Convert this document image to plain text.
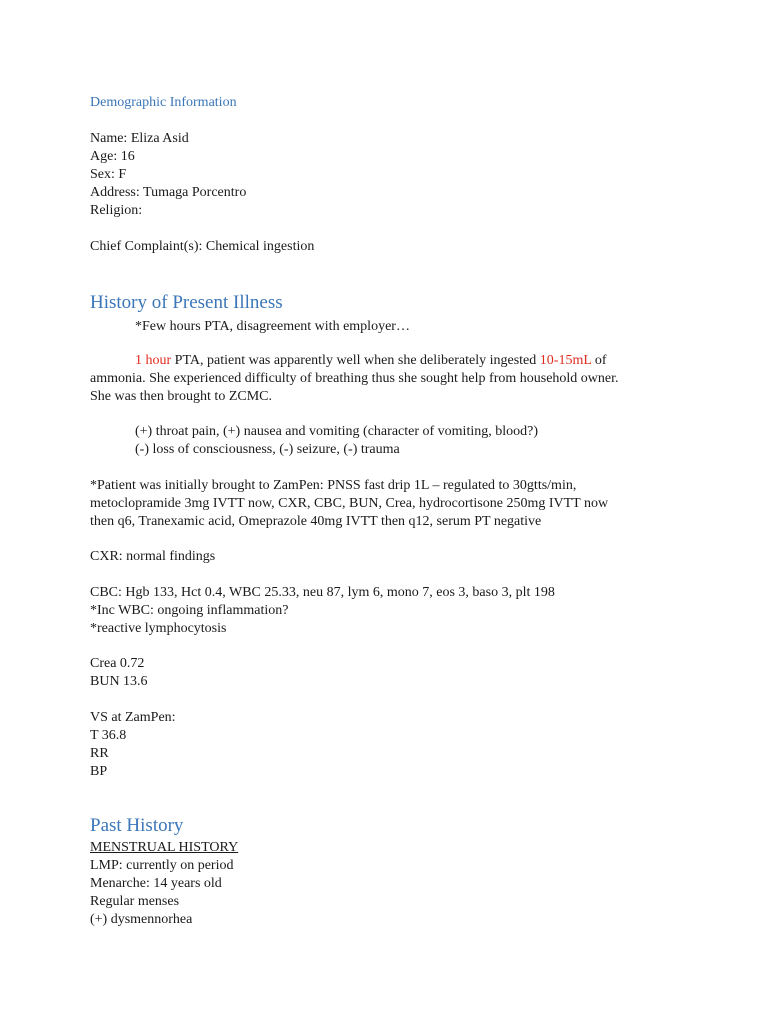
Demographic Information
Name: Eliza Asid
Age: 16
Sex: F
Address: Tumaga Porcentro
Religion:
Chief Complaint(s): Chemical ingestion
History of Present Illness
*Few hours PTA, disagreement with employer…
1 hour PTA, patient was apparently well when she deliberately ingested 10-15mL of
ammonia. She experienced difficulty of breathing thus she sought help from household owner.
She was then brought to ZCMC.
(+) throat pain, (+) nausea and vomiting (character of vomiting, blood?)
(-) loss of consciousness, (-) seizure, (-) trauma
*Patient was initially brought to ZamPen: PNSS fast drip 1L – regulated to 30gtts/min,
metoclopramide 3mg IVTT now, CXR, CBC, BUN, Crea, hydrocortisone 250mg IVTT now
then q6, Tranexamic acid, Omeprazole 40mg IVTT then q12, serum PT negative
CXR: normal findings
CBC: Hgb 133, Hct 0.4, WBC 25.33, neu 87, lym 6, mono 7, eos 3, baso 3, plt 198
*Inc WBC: ongoing inflammation?
*reactive lymphocytosis
Crea 0.72
BUN 13.6
VS at ZamPen:
T 36.8
RR
BP
Past History
MENSTRUAL HISTORY
LMP: currently on period
Menarche: 14 years old
Regular menses
(+) dysmennorhea
